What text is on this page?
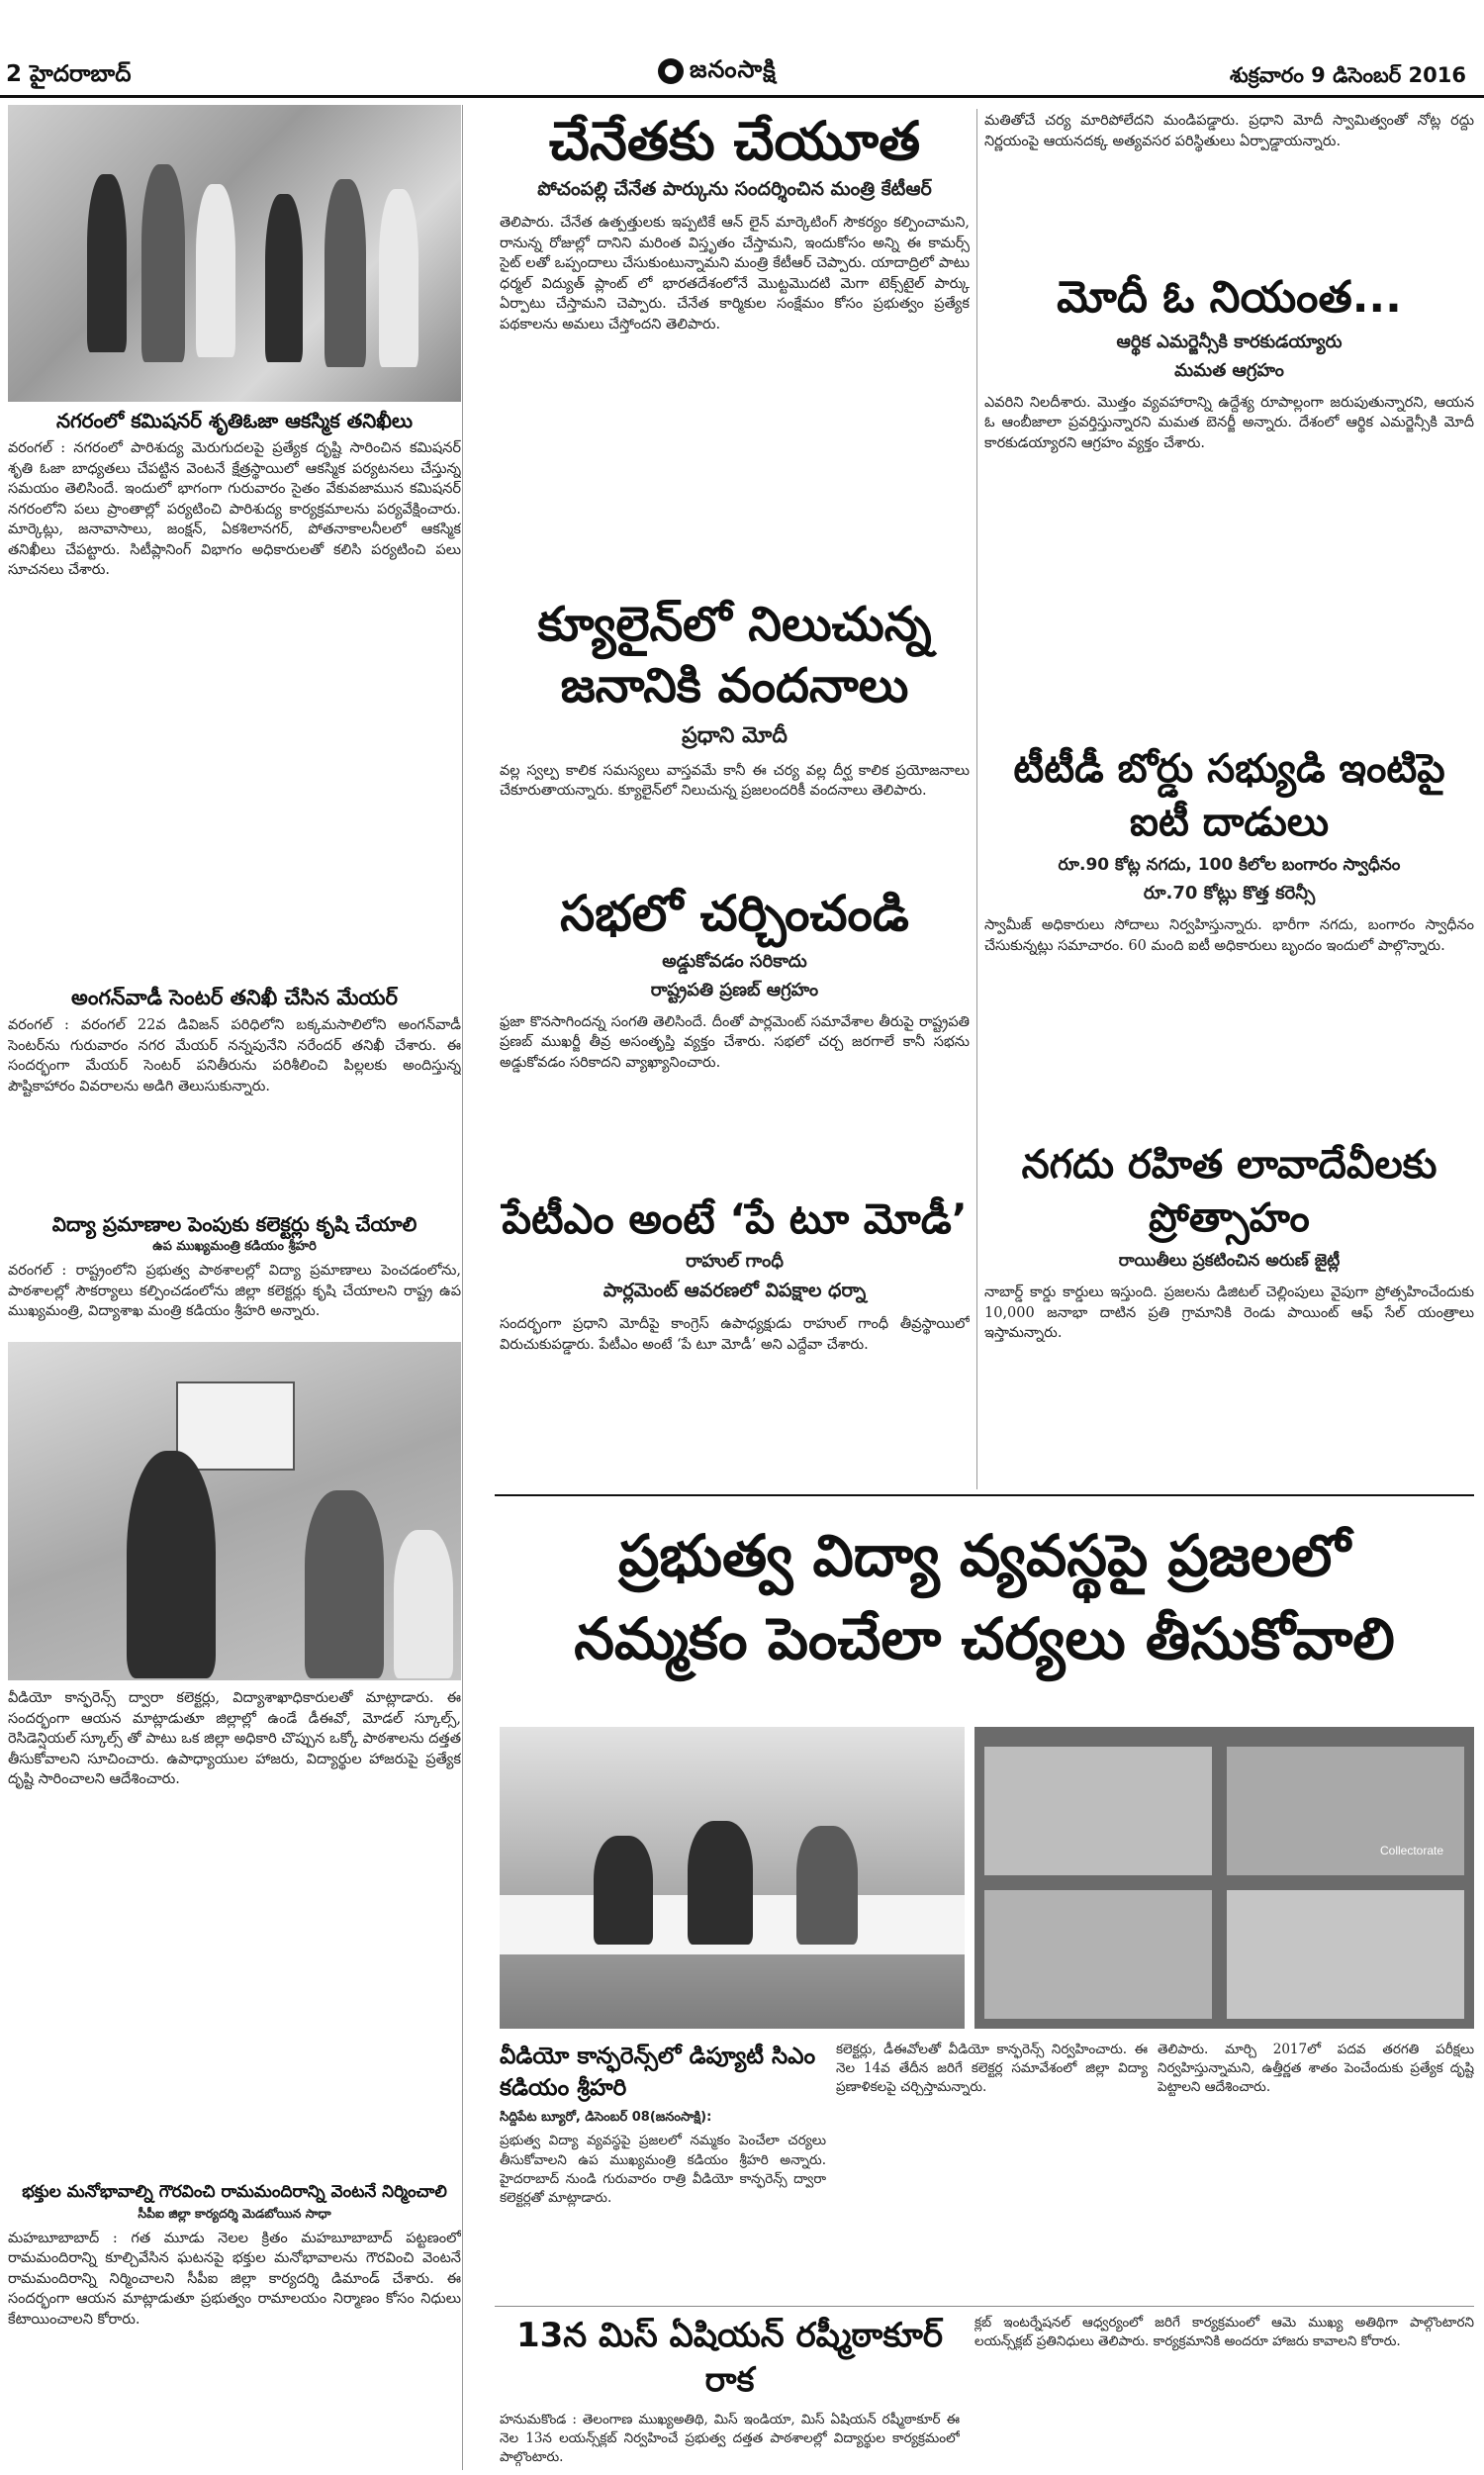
2 హైదరాబాద్	జనంసాక్షి	శుక్రవారం 9 డిసెంబర్ 2016
నగరంలో కమిషనర్ శృతిఓజా ఆకస్మిక తనిఖీలు
వరంగల్ : నగరంలో పారిశుద్య మెరుగుదలపై ప్రత్యేక దృష్టి సారించిన కమిషనర్ శృతి ఓజా బాధ్యతలు చేపట్టిన వెంటనే క్షేత్రస్థాయిలో ఆకస్మిక పర్యటనలు చేస్తున్న సమయం తెలిసిందే. ఇందులో భాగంగా గురువారం సైతం వేకువజామున కమిషనర్ నగరంలోని పలు ప్రాంతాల్లో పర్యటించి పారిశుద్య కార్యక్రమాలను పర్యవేక్షించారు. మార్కెట్లు, జనావాసాలు, జంక్షన్, ఏకశిలానగర్, పోతనాకాలనీలలో ఆకస్మిక తనిఖీలు చేపట్టారు. సిటీప్లానింగ్ విభాగం అధికారులతో కలిసి పర్యటించి పలు సూచనలు చేశారు.
అంగన్‌వాడీ సెంటర్ తనిఖీ చేసిన మేయర్
వరంగల్ : వరంగల్ 22వ డివిజన్ పరిధిలోని బక్కమసాలిలోని అంగన్‌వాడీ సెంటర్‌ను గురువారం నగర మేయర్ నన్నపునేని నరేందర్ తనిఖీ చేశారు. ఈ సందర్భంగా మేయర్ సెంటర్ పనితీరును పరిశీలించి పిల్లలకు అందిస్తున్న పౌష్టికాహారం వివరాలను అడిగి తెలుసుకున్నారు.
విద్యా ప్రమాణాల పెంపుకు కలెక్టర్లు కృషి చేయాలి
ఉప ముఖ్యమంత్రి కడియం శ్రీహరి
వరంగల్ : రాష్ట్రంలోని ప్రభుత్వ పాఠశాలల్లో విద్యా ప్రమాణాలు పెంచడంలోను, పాఠశాలల్లో సౌకర్యాలు కల్పించడంలోను జిల్లా కలెక్టర్లు కృషి చేయాలని రాష్ట్ర ఉప ముఖ్యమంత్రి, విద్యాశాఖ మంత్రి కడియం శ్రీహరి అన్నారు.
వీడియో కాన్ఫరెన్స్ ద్వారా కలెక్టర్లు, విద్యాశాఖాధికారులతో మాట్లాడారు. ఈ సందర్భంగా ఆయన మాట్లాడుతూ జిల్లాల్లో ఉండే డీఈవో, మోడల్ స్కూల్స్, రెసిడెన్షియల్ స్కూల్స్ తో పాటు ఒక జిల్లా అధికారి చొప్పున ఒక్కో పాఠశాలను దత్తత తీసుకోవాలని సూచించారు. ఉపాధ్యాయుల హాజరు, విద్యార్థుల హాజరుపై ప్రత్యేక దృష్టి సారించాలని ఆదేశించారు.
భక్తుల మనోభావాల్ని గౌరవించి రామమందిరాన్ని వెంటనే నిర్మించాలి
సీపీఐ జిల్లా కార్యదర్శి మెడబోయిన సాధా
మహబూబాబాద్ : గత మూడు నెలల క్రితం మహబూబాబాద్ పట్టణంలో రామమందిరాన్ని కూల్చివేసిన ఘటనపై భక్తుల మనోభావాలను గౌరవించి వెంటనే రామమందిరాన్ని నిర్మించాలని సీపీఐ జిల్లా కార్యదర్శి డిమాండ్ చేశారు. ఈ సందర్భంగా ఆయన మాట్లాడుతూ ప్రభుత్వం రామాలయం నిర్మాణం కోసం నిధులు కేటాయించాలని కోరారు.
చేనేతకు చేయూత
పోచంపల్లి చేనేత పార్కును సందర్శించిన మంత్రి కేటీఆర్
తెలిపారు. చేనేత ఉత్పత్తులకు ఇప్పటికే ఆన్ లైన్ మార్కెటింగ్ సౌకర్యం కల్పించామని, రానున్న రోజుల్లో దానిని మరింత విస్తృతం చేస్తామని, ఇందుకోసం అన్ని ఈ కామర్స్ సైట్ లతో ఒప్పందాలు చేసుకుంటున్నామని మంత్రి కేటీఆర్ చెప్పారు. యాదాద్రిలో పాటు ధర్మల్ విద్యుత్ ప్లాంట్ లో భారతదేశంలోనే మొట్టమొదటి మెగా టెక్స్‌టైల్ పార్కు ఏర్పాటు చేస్తామని చెప్పారు. చేనేత కార్మికుల సంక్షేమం కోసం ప్రభుత్వం ప్రత్యేక పథకాలను అమలు చేస్తోందని తెలిపారు.
క్యూలైన్‌లో నిలుచున్న జనానికి వందనాలు
ప్రధాని మోదీ
వల్ల స్వల్ప కాలిక సమస్యలు వాస్తవమే కానీ ఈ చర్య వల్ల దీర్ఘ కాలిక ప్రయోజనాలు చేకూరుతాయన్నారు. క్యూలైన్‌లో నిలుచున్న ప్రజలందరికీ వందనాలు తెలిపారు.
సభలో చర్చించండి
అడ్డుకోవడం సరికాదు
రాష్ట్రపతి ప్రణబ్ ఆగ్రహం
ఫ్రజా కొనసాగిందన్న సంగతి తెలిసిందే. దీంతో పార్లమెంట్ సమావేశాల తీరుపై రాష్ట్రపతి ప్రణబ్ ముఖర్జీ తీవ్ర అసంతృప్తి వ్యక్తం చేశారు. సభలో చర్చ జరగాలే కానీ సభను అడ్డుకోవడం సరికాదని వ్యాఖ్యానించారు.
పేటీఎం అంటే ‘పే టూ మోడీ’
రాహుల్ గాంధీ
పార్లమెంట్ ఆవరణలో విపక్షాల ధర్నా
సందర్భంగా ప్రధాని మోదీపై కాంగ్రెస్ ఉపాధ్యక్షుడు రాహుల్ గాంధీ తీవ్రస్థాయిలో విరుచుకుపడ్డారు. పేటీఎం అంటే ‘పే టూ మోడీ’ అని ఎద్దేవా చేశారు.
మతితోచే చర్య మారిపోలేదని మండిపడ్డారు. ప్రధాని మోదీ స్వామిత్వంతో నోట్ల రద్దు నిర్ణయంపై ఆయనదక్క అత్యవసర పరిస్థితులు ఏర్పాడ్డాయన్నారు.
మోదీ ఓ నియంత...
ఆర్థిక ఎమర్జెన్సీకి కారకుడయ్యారు
మమత ఆగ్రహం
ఎవరిని నిలదీశారు. మొత్తం వ్యవహారాన్ని ఉద్దేశ్య రూపాల్లంగా జరుపుతున్నారని, ఆయన ఓ ఆంబీజాలా ప్రవర్తిస్తున్నారని మమత బెనర్జీ అన్నారు. దేశంలో ఆర్థిక ఎమర్జెన్సీకి మోదీ కారకుడయ్యారని ఆగ్రహం వ్యక్తం చేశారు.
టీటీడీ బోర్డు సభ్యుడి ఇంటిపై ఐటీ దాడులు
రూ.90 కోట్ల నగదు, 100 కిలోల బంగారం స్వాధీనం
రూ.70 కోట్లు కొత్త కరెన్సీ
స్వామీజ్ అధికారులు సోదాలు నిర్వహిస్తున్నారు. భారీగా నగదు, బంగారం స్వాధీనం చేసుకున్నట్లు సమాచారం. 60 మంది ఐటీ అధికారులు బృందం ఇందులో పాల్గొన్నారు.
నగదు రహిత లావాదేవీలకు ప్రోత్సాహం
రాయితీలు ప్రకటించిన అరుణ్ జైట్లీ
నాబార్డ్ కార్డు కార్డులు ఇస్తుంది. ప్రజలను డిజిటల్ చెల్లింపులు వైపుగా ప్రోత్సహించేందుకు 10,000 జనాభా దాటిన ప్రతి గ్రామానికి రెండు పాయింట్ ఆఫ్ సేల్ యంత్రాలు ఇస్తామన్నారు.
ప్రభుత్వ విద్యా వ్యవస్థపై ప్రజలలో
నమ్మకం పెంచేలా చర్యలు తీసుకోవాలి
Collectorate
వీడియో కాన్ఫరెన్స్‌లో డిప్యూటీ సిఎం కడియం శ్రీహరి
సిద్దిపేట బ్యూరో, డిసెంబర్ 08(జనంసాక్షి):
ప్రభుత్వ విద్యా వ్యవస్థపై ప్రజలలో నమ్మకం పెంచేలా చర్యలు తీసుకోవాలని ఉప ముఖ్యమంత్రి కడియం శ్రీహరి అన్నారు. హైదరాబాద్ నుండి గురువారం రాత్రి వీడియో కాన్ఫరెన్స్ ద్వారా కలెక్టర్లతో మాట్లాడారు.
కలెక్టర్లు, డీఈవోలతో వీడియో కాన్ఫరెన్స్ నిర్వహించారు. ఈ నెల 14వ తేదీన జరిగే కలెక్టర్ల సమావేశంలో జిల్లా విద్యా ప్రణాళికలపై చర్చిస్తామన్నారు.
తెలిపారు. మార్చి 2017లో పదవ తరగతి పరీక్షలు నిర్వహిస్తున్నామని, ఉత్తీర్ణత శాతం పెంచేందుకు ప్రత్యేక దృష్టి పెట్టాలని ఆదేశించారు.
13న మిస్ ఏషియన్ రష్మీఠాకూర్ రాక
హనుమకొండ : తెలంగాణ ముఖ్యఅతిథి, మిస్ ఇండియా, మిస్ ఏషియన్ రష్మీఠాకూర్ ఈ నెల 13న లయన్స్‌క్లబ్ నిర్వహించే ప్రభుత్వ దత్తత పాఠశాలల్లో విద్యార్థుల కార్యక్రమంలో పాల్గొంటారు.
క్లబ్ ఇంటర్నేషనల్ ఆధ్వర్యంలో జరిగే కార్యక్రమంలో ఆమె ముఖ్య అతిథిగా పాల్గొంటారని లయన్స్‌క్లబ్ ప్రతినిధులు తెలిపారు. కార్యక్రమానికి అందరూ హాజరు కావాలని కోరారు.
